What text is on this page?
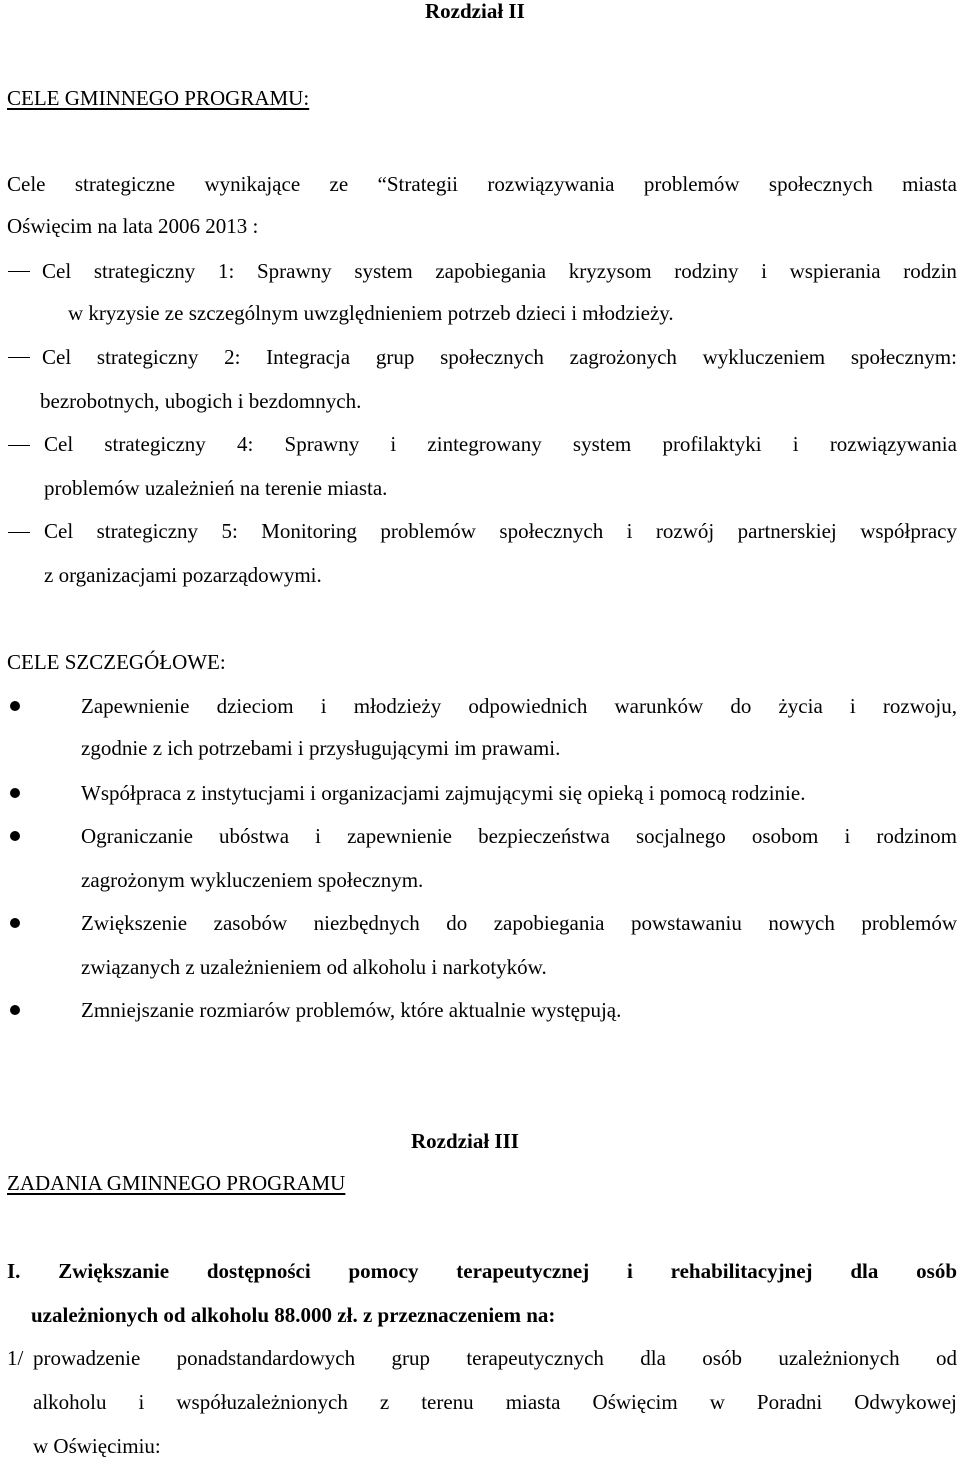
Rozdział II
CELE GMINNEGO PROGRAMU:
Cele strategiczne wynikające ze “Strategii rozwiązywania problemów społecznych miasta
Oświęcim na lata 2006 2013 :
Cel strategiczny 1: Sprawny system zapobiegania kryzysom rodziny i wspierania rodzin
w kryzysie ze szczególnym uwzględnieniem potrzeb dzieci i młodzieży.
Cel strategiczny 2: Integracja grup społecznych zagrożonych wykluczeniem społecznym:
bezrobotnych, ubogich i bezdomnych.
Cel strategiczny 4: Sprawny i zintegrowany system profilaktyki i rozwiązywania
problemów uzależnień na terenie miasta.
Cel strategiczny 5: Monitoring problemów społecznych i rozwój partnerskiej współpracy
z organizacjami pozarządowymi.
CELE SZCZEGÓŁOWE:
Zapewnienie dzieciom i młodzieży odpowiednich warunków do życia i rozwoju,
zgodnie z ich potrzebami i przysługującymi im prawami.
Współpraca z instytucjami i organizacjami zajmującymi się opieką i pomocą rodzinie.
Ograniczanie ubóstwa i zapewnienie bezpieczeństwa socjalnego osobom i rodzinom
zagrożonym wykluczeniem społecznym.
Zwiększenie zasobów niezbędnych do zapobiegania powstawaniu nowych problemów
związanych z uzależnieniem od alkoholu i narkotyków.
Zmniejszanie rozmiarów problemów, które aktualnie występują.
Rozdział III
ZADANIA GMINNEGO PROGRAMU
I. Zwiększanie dostępności pomocy terapeutycznej i rehabilitacyjnej dla osób
uzależnionych od alkoholu 88.000 zł. z przeznaczeniem na:
1/ prowadzenie ponadstandardowych grup terapeutycznych dla osób uzależnionych od
alkoholu i współuzależnionych z terenu miasta Oświęcim w Poradni Odwykowej
w Oświęcimiu:
